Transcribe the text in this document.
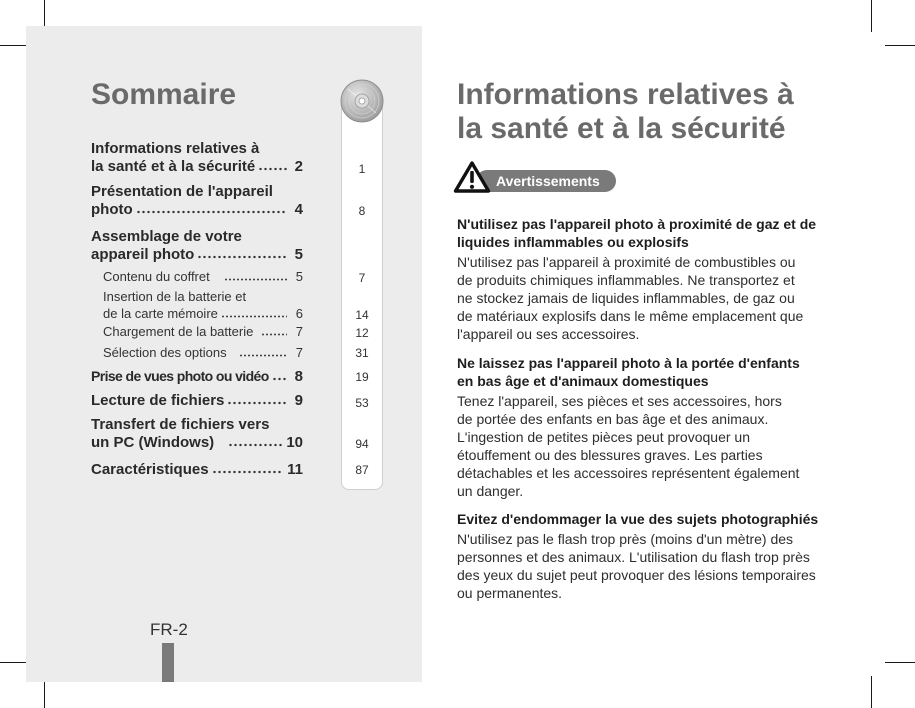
Sommaire
1
8
7
14
12
31
19
53
94
87
Informations relatives à
la santé et à la sécurité	2
Présentation de l'appareil
photo	4
Assemblage de votre
appareil photo	5
Contenu du coffret	5
Insertion de la batterie et
de la carte mémoire	6
Chargement de la batterie	7
Sélection des options	7
Prise de vues photo ou vidéo 8
Lecture de fichiers	9
Transfert de fichiers vers
un PC (Windows)	10
Caractéristiques	11
FR-2
Informations relatives à
la santé et à la sécurité
Avertissements
N'utilisez pas l'appareil photo à proximité de gaz et de
liquides inflammables ou explosifs
N'utilisez pas l'appareil à proximité de combustibles ou
de produits chimiques inflammables. Ne transportez et
ne stockez jamais de liquides inflammables, de gaz ou
de matériaux explosifs dans le même emplacement que
l'appareil ou ses accessoires.
Ne laissez pas l'appareil photo à la portée d'enfants
en bas âge et d'animaux domestiques
Tenez l'appareil, ses pièces et ses accessoires, hors
de portée des enfants en bas âge et des animaux.
L'ingestion de petites pièces peut provoquer un
étouffement ou des blessures graves. Les parties
détachables et les accessoires représentent également
un danger.
Evitez d'endommager la vue des sujets photographiés
N'utilisez pas le flash trop près (moins d'un mètre) des
personnes et des animaux. L'utilisation du flash trop près
des yeux du sujet peut provoquer des lésions temporaires
ou permanentes.
